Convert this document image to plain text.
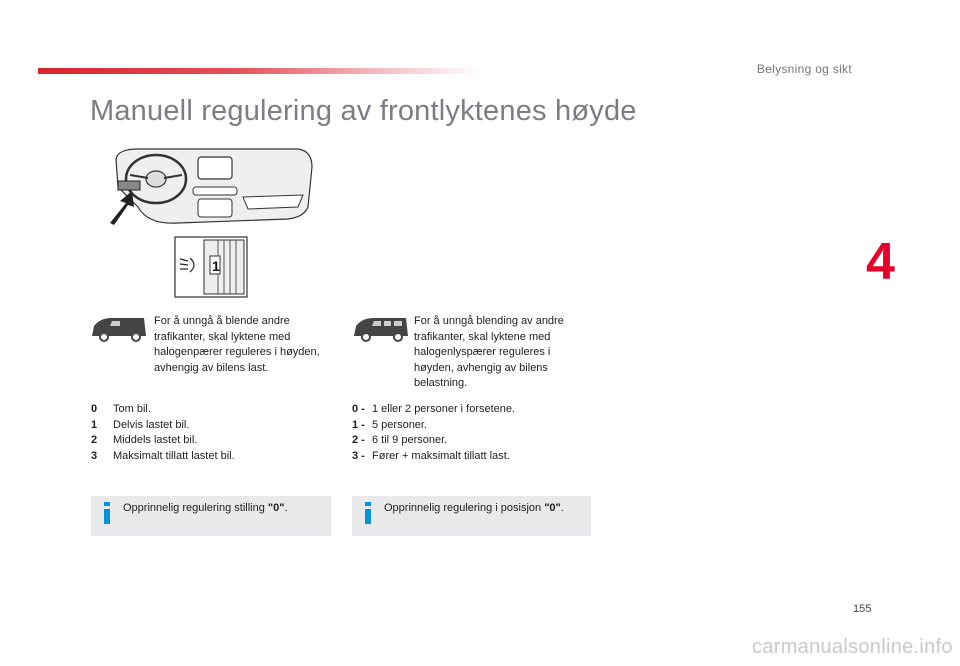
Belysning og sikt
4
Manuell regulering av frontlyktenes høyde
1
For å unngå å blende andre trafikanter, skal lyktene med halogenpærer reguleres i høyden, avhengig av bilens last.
For å unngå blending av andre trafikanter, skal lyktene med halogenlyspærer reguleres i høyden, avhengig av bilens belastning.
0	Tom bil.
1	Delvis lastet bil.
2	Middels lastet bil.
3	Maksimalt tillatt lastet bil.
0 - 1 eller 2 personer i forsetene.
1 - 5 personer.
2 - 6 til 9 personer.
3 - Fører + maksimalt tillatt last.
Opprinnelig regulering stilling "0".	Opprinnelig regulering i posisjon "0".
155
carmanualsonline.info
